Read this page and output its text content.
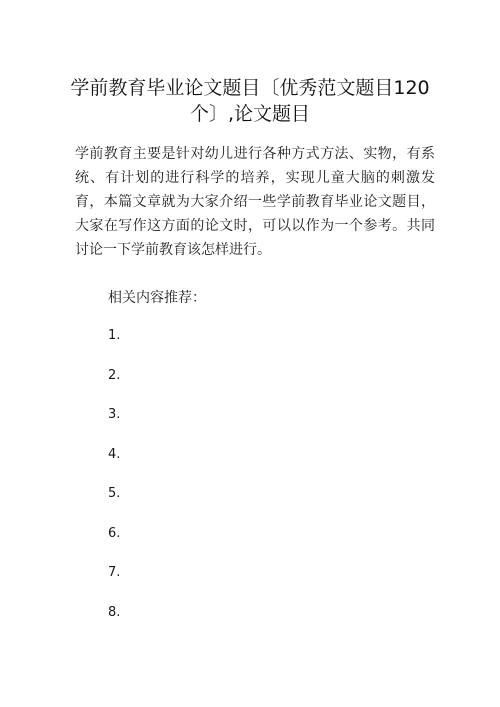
学前教育毕业论文题目〔优秀范文题目120个〕,论文题目

学前教育主要是针对幼儿进行各种方式方法、实物，有系统、有计划的进行科学的培养，实现儿童大脑的刺激发育，本篇文章就为大家介绍一些学前教育毕业论文题目，大家在写作这方面的论文时，可以以作为一个参考。共同讨论一下学前教育该怎样进行。

相关内容推荐：
1.
2.
3.
4.
5.
6.
7.
8.
